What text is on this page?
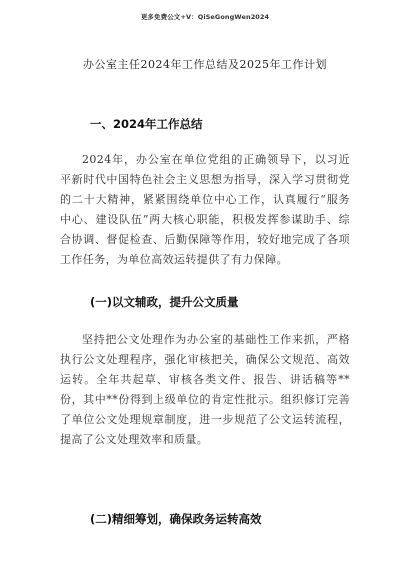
更多免费公文+V：QiSeGongWen2024
办公室主任2024年工作总结及2025年工作计划
一、2024年工作总结
2024年，办公室在单位党组的正确领导下，以习近平新时代中国特色社会主义思想为指导，深入学习贯彻党的二十大精神，紧紧围绕单位中心工作，认真履行“服务中心、建设队伍”两大核心职能，积极发挥参谋助手、综合协调、督促检查、后勤保障等作用，较好地完成了各项工作任务，为单位高效运转提供了有力保障。
(一)以文辅政，提升公文质量
坚持把公文处理作为办公室的基础性工作来抓，严格执行公文处理程序，强化审核把关，确保公文规范、高效运转。全年共起草、审核各类文件、报告、讲话稿等**份，其中**份得到上级单位的肯定性批示。组织修订完善了单位公文处理规章制度，进一步规范了公文运转流程，提高了公文处理效率和质量。
(二)精细筹划，确保政务运转高效
